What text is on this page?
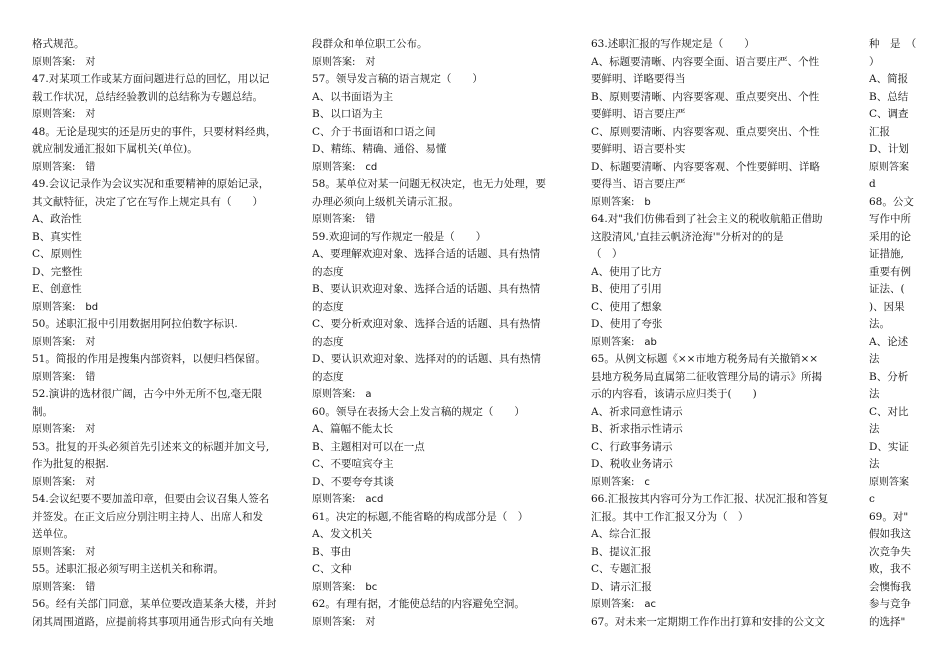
格式规范。
原则答案:　对
47.对某项工作或某方面问题进行总的回忆，用以记
载工作状况，总结经验教训的总结称为专题总结。
原则答案:　对
48。无论是现实的还是历史的事件，只要材料经典，
就应制发通汇报如下属机关(单位)。
原则答案:　错
49.会议记录作为会议实况和重要精神的原始记录，
其文献特征，决定了它在写作上规定具有（　　）
A、政治性
B、真实性
C、原则性
D、完整性
E、创意性
原则答案:　bd
50。述职汇报中引用数据用阿拉伯数字标识.
原则答案:　对
51。简报的作用是搜集内部资料，以便归档保留。
原则答案:　错
52.演讲的选材很广阔，古今中外无所不包,毫无限
制。
原则答案:　对
53。批复的开头必须首先引述来文的标题并加文号,
作为批复的根据.
原则答案:　对
54.会议纪要不要加盖印章，但要由会议召集人签名
并签发。在正文后应分别注明主持人、出席人和发
送单位。
原则答案:　对
55。述职汇报必须写明主送机关和称谓。
原则答案:　错
56。经有关部门同意，某单位要改造某条大楼，并封
闭其周围道路，应提前将其事项用通告形式向有关地
段群众和单位职工公布。
原则答案:　对
57。领导发言稿的语言规定（　　）
A、以书面语为主
B、以口语为主
C、介于书面语和口语之间
D、精练、精确、通俗、易懂
原则答案:　cd
58。某单位对某一问题无权决定，也无力处理，要
办理必须向上级机关请示汇报。
原则答案:　错
59.欢迎词的写作规定一般是（　　）
A、要理解欢迎对象、选择合适的话题、具有热情
的态度
B、要认识欢迎对象、选择合适的话题、具有热情
的态度
C、要分析欢迎对象、选择合适的话题、具有热情
的态度
D、要认识欢迎对象、选择对的的话题、具有热情
的态度
原则答案:　a
60。领导在表扬大会上发言稿的规定（　　）
A、篇幅不能太长
B、主题相对可以在一点
C、不要喧宾夺主
D、不要夸夸其谈
原则答案:　acd
61。决定的标题,不能省略的构成部分是（　）
A、发文机关
B、事由
C、文种
原则答案:　bc
62。有理有据，才能使总结的内容避免空洞。
原则答案:　对
63.述职汇报的写作规定是（　　）
A、标题要清晰、内容要全面、语言要庄严、个性
要鲜明、详略要得当
B、原则要清晰、内容要客观、重点要突出、个性
要鲜明、语言要庄严
C、原则要清晰、内容要客观、重点要突出、个性
要鲜明、语言要朴实
D、标题要清晰、内容要客观、个性要鲜明、详略
要得当、语言要庄严
原则答案:　b
64.对"我们仿佛看到了社会主义的税收航船正借助
这股清风,'直挂云帆济沧海'"分析对的的是
（　）
A、使用了比方
B、使用了引用
C、使用了想象
D、使用了夸张
原则答案:　ab
65。从例文标题《××市地方税务局有关撤销××
县地方税务局直属第二征收管理分局的请示》所揭
示的内容看，该请示应归类于(　　)
A、祈求同意性请示
B、祈求指示性请示
C、行政事务请示
D、税收业务请示
原则答案:　c
66.汇报按其内容可分为工作汇报、状况汇报和答复
汇报。其中工作汇报又分为（　）
A、综合汇报
B、提议汇报
C、专题汇报
D、请示汇报
原则答案:　ac
67。对未来一定期期工作作出打算和安排的公文文
种　是　（
）
A、简报
B、总结
C、调查
汇报
D、计划
原则答案
d
68。公文
写作中所
采用的论
证措施,
重要有例
证法、(
)、因果
法。
A、论述
法
B、分析
法
C、对比
法
D、实证
法
原则答案
c
69。对"
假如我这
次竞争失
败，我不
会懊悔我
参与竞争
的选择"
